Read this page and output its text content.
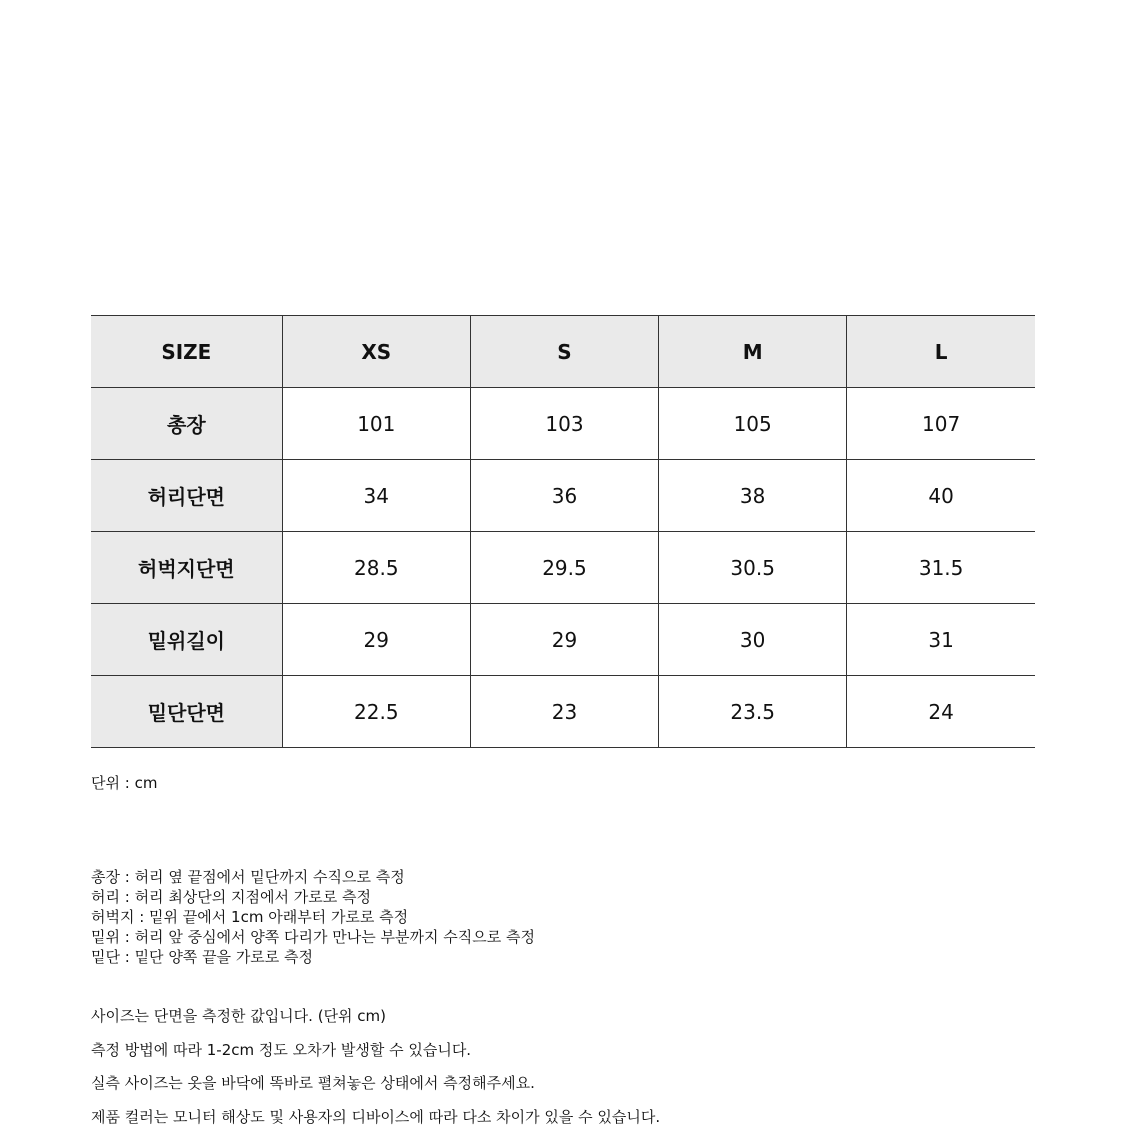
SIZE	XS	S	M	L
총장	101	103	105	107
허리단면	34	36	38	40
허벅지단면	28.5	29.5	30.5	31.5
밑위길이	29	29	30	31
밑단단면	22.5	23	23.5	24
단위 : cm
총장 : 허리 옆 끝점에서 밑단까지 수직으로 측정
허리 : 허리 최상단의 지점에서 가로로 측정
허벅지 : 밑위 끝에서 1cm 아래부터 가로로 측정
밑위 : 허리 앞 중심에서 양쪽 다리가 만나는 부분까지 수직으로 측정
밑단 : 밑단 양쪽 끝을 가로로 측정
사이즈는 단면을 측정한 값입니다. (단위 cm)
측정 방법에 따라 1-2cm 정도 오차가 발생할 수 있습니다.
실측 사이즈는 옷을 바닥에 똑바로 펼쳐놓은 상태에서 측정해주세요.
제품 컬러는 모니터 해상도 및 사용자의 디바이스에 따라 다소 차이가 있을 수 있습니다.
